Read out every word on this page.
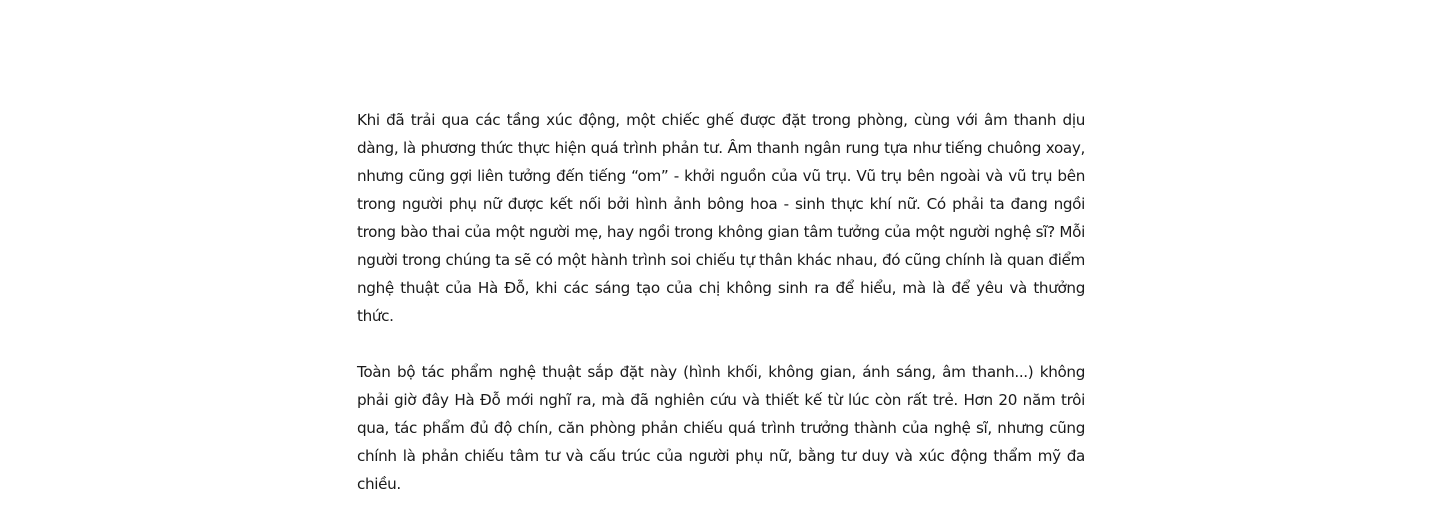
Khi đã trải qua các tầng xúc động, một chiếc ghế được đặt trong phòng, cùng với âm thanh dịu dàng, là phương thức thực hiện quá trình phản tư. Âm thanh ngân rung tựa như tiếng chuông xoay, nhưng cũng gợi liên tưởng đến tiếng “om” - khởi nguồn của vũ trụ. Vũ trụ bên ngoài và vũ trụ bên trong người phụ nữ được kết nối bởi hình ảnh bông hoa - sinh thực khí nữ. Có phải ta đang ngồi trong bào thai của một người mẹ, hay ngồi trong không gian tâm tưởng của một người nghệ sĩ? Mỗi người trong chúng ta sẽ có một hành trình soi chiếu tự thân khác nhau, đó cũng chính là quan điểm nghệ thuật của Hà Đỗ, khi các sáng tạo của chị không sinh ra để hiểu, mà là để yêu và thưởng thức.

Toàn bộ tác phẩm nghệ thuật sắp đặt này (hình khối, không gian, ánh sáng, âm thanh...) không phải giờ đây Hà Đỗ mới nghĩ ra, mà đã nghiên cứu và thiết kế từ lúc còn rất trẻ. Hơn 20 năm trôi qua, tác phẩm đủ độ chín, căn phòng phản chiếu quá trình trưởng thành của nghệ sĩ, nhưng cũng chính là phản chiếu tâm tư và cấu trúc của người phụ nữ, bằng tư duy và xúc động thẩm mỹ đa chiều.
